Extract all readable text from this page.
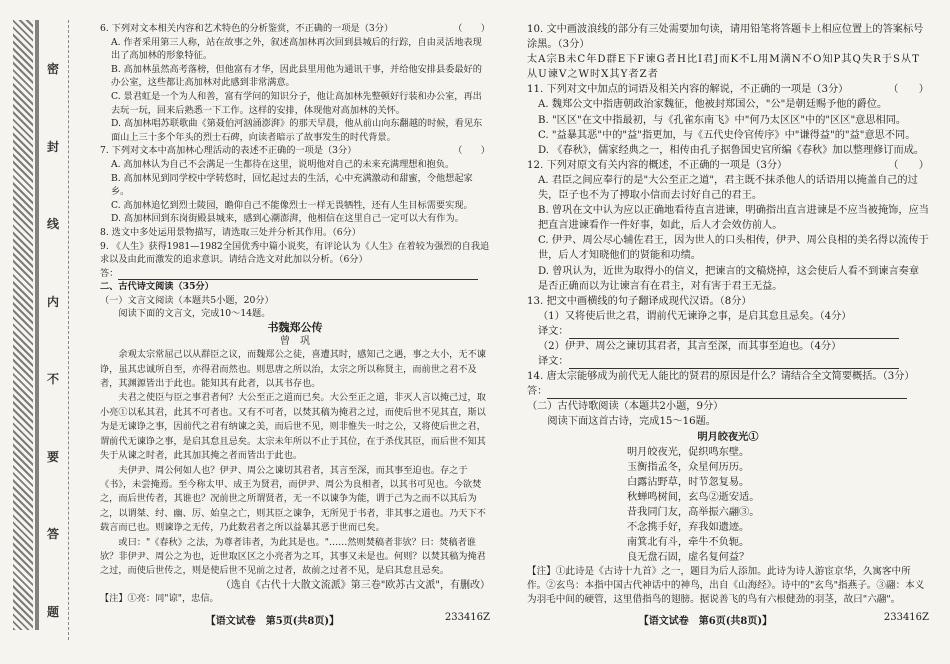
密
封
线
内
不
要
答
题

6. 下列对文本相关内容和艺术特色的分析鉴赏，不正确的一项是（3分）	（　　）

A. 作者采用第三人称，站在故事之外，叙述高加林再次回到县城后的行踪，自由灵活地表现出了高加林的形象特征。

B. 高加林虽然高考落榜，但他富有才华，因此县里用他为通讯干事，并给他安排县委最好的办公室，这些都让高加林对此感到非常满意。

C. 景君虹是一个为人和善，富有学问的知识分子，他让高加林先整顿好行装和办公室，再出去玩一玩，回来后熟悉一下工作。这样的安排，体现他对高加林的关怀。

D. 高加林唱苏联歌曲《第聂伯河汹涌澎湃》的那天早晨，他从前山向东翻越的时候，看见东面山上三十多个年头的烈士石碑，向读者暗示了故事发生的时代背景。

7. 下列对文本中高加林心理活动的表述不正确的一项是（3分）	（　　）

A. 高加林认为自己不会满足一生都待在这里，说明他对自己的未来充满理想和抱负。

B. 高加林见到同学校中学转悠时，回忆起过去的生活，心中充满激动和甜蜜，令他想起家乡。

C. 高加林追忆到烈士陵园，瞻仰自己不能像烈士一样无畏牺牲，还有人生目标需要实现。

D. 高加林回到东岗街殿县城来，感到心潮澎湃，他相信在这里自己一定可以大有作为。

8. 选文中多处运用景物描写，请选取三处并分析其作用。（6分）

9. 《人生》获得1981—1982全国优秀中篇小说奖，有评论认为《人生》在着较为强烈的自我追求以及由此而激发的追求意识。请结合选文对此加以分析。（6分）

答：

二、古代诗文阅读（35分）

（一）文言文阅读（本题共5小题，20分）

阅读下面的文言文，完成10～14题。

书魏郑公传

曾　巩

余观太宗常屈己以从群臣之议，而魏郑公之徒，喜遭其时，感知己之遇，事之大小，无不谏诤，虽其忠诚所自至，亦得君而然也。则思唐之所以治，太宗之所以称贤主，而前世之君不及者，其渊源皆出于此也。能知其有此者，以其书存也。

夫君之使臣与臣之事君者何？大公至正之道而已矣。大公至正之道，非灭人言以掩己过，取小亮①以私其君，此其不可者也。又有不可者，以焚其稿为掩君之过，而使后世不见其直，斯以为是无谏诤之事，因前代之君有纳谏之美，而后世不见，则非惟失一时之公，又将使后世之君，谓前代无谏诤之事，是启其怠且忌矣。太宗未年所以不止于其位，在于杀伐其臣，而后世不知其失于从谏之时者，此其加其掩之者而皆出于此也。

夫伊尹、周公何如人也？伊尹、周公之谏切其君者，其言至深，而其事至迫也。存之于《书》，未尝掩焉。至今称太甲、成王为贤君，而伊尹、周公为良相者，以其书可见也。今欲焚之，而后世传者，其谁也？况前世之所谓贤者，无一不以谏争为能，谓于己为之而不以其后为之，以谓桀、纣、幽、厉、始皇之亡，则其臣之谏争，无所见于书者，非其事之道也。乃天下不载言而已也。则谏诤之无传，乃此数君者之所以益暴其恶于世而已矣。

或曰："《春秋》之法，为尊者讳者，为此其是也。"……然则焚稿者非欤？曰：焚稿者谁欤？非伊尹、周公之为也，近世取区区之小亮者为之耳，其事又未是也。何则？以焚其稿为掩君之过，而使后世传之，则是使后世不见前之过者，故前之过者不见，是启其怠且忌矣。

（选自《古代十大散文流派》第三卷"欧苏古文派"，有删改）

【注】①亮：同"谅"，忠信。

10. 文中画波浪线的部分有三处需要加句读，请用铅笔将答题卡上相应位置上的答案标号涂黑。（3分）

太A宗B未C年D群E下F谏G者H比I君J而K不L用M满N不O知P其Q失R于S从T从U谏V之W时X其Y者Z者

11. 下列对文中加点的词语及相关内容的解说，不正确的一项是（3分）	（　　）

A. 魏郑公文中指唐朝政治家魏征，他被封郑国公，"公"是朝廷赐予他的爵位。

B. "区区"在文中指最初，与《孔雀东南飞》中"何乃太区区"中的"区区"意思相同。

C. "益暴其恶"中的"益"指更加，与《五代史伶官传序》中"谦得益"的"益"意思不同。

D. 《春秋》，儒家经典之一，相传由孔子据鲁国史官所编《春秋》加以整理修订而成。

12. 下列对原文有关内容的概述，不正确的一项是（3分）	（　　）

A. 君臣之间应奉行的是"大公至正之道"，君主既不抹杀他人的话语用以掩盖自己的过失，臣子也不为了搏取小信而去讨好自己的君王。

B. 曾巩在文中认为应以正确地看待直言进谏，明确指出直言进谏是不应当被掩饰，应当把直言进谏看作一件好事，如此，后人才会效仿前人。

C. 伊尹、周公尽心辅佐君王，因为世人的口头相传，伊尹、周公良相的美名得以流传于世，后人才知晓他们的贤能和功绩。

D. 曾巩认为，近世为取得小的信义，把谏言的文稿烧掉，这会使后人看不到谏言奏章是否正确而以为让谏言有在君主，对有害于君王无益。

13. 把文中画横线的句子翻译成现代汉语。（8分）

（1）又将使后世之君，谓前代无谏诤之事，是启其怠且忌矣。（4分）

译文：

（2）伊尹、周公之谏切其君者，其言至深，而其事至迫也。（4分）

译文：

14. 唐太宗能够成为前代无人能比的贤君的原因是什么？请结合全文简要概括。（3分）

答：

（二）古代诗歌阅读（本题共2小题，9分）

阅读下面这首古诗，完成15～16题。

明月皎夜光①

明月皎夜光，促织鸣东壁。

玉衡指孟冬，众星何历历。

白露沾野草，时节忽复易。

秋蝉鸣树间，玄鸟②逝安适。

昔我同门友，高举振六翮③。

不念携手好，弃我如遗迹。

南箕北有斗，牵牛不负轭。

良无盘石固，虚名复何益？

【注】①此诗是《古诗十九首》之一，题目为后人添加。此诗为诗人游宦京华，久寓客中所作。②玄鸟：本指中国古代神话中的神鸟，出自《山海经》。诗中的"玄鸟"指燕子。③翮：本义为羽毛中间的硬管，这里借指鸟的翅膀。据说善飞的鸟有六根健劲的羽茎，故曰"六翮"。

【语文试卷　第5页(共8页)】	233416Z	【语文试卷　第6页(共8页)】	233416Z
